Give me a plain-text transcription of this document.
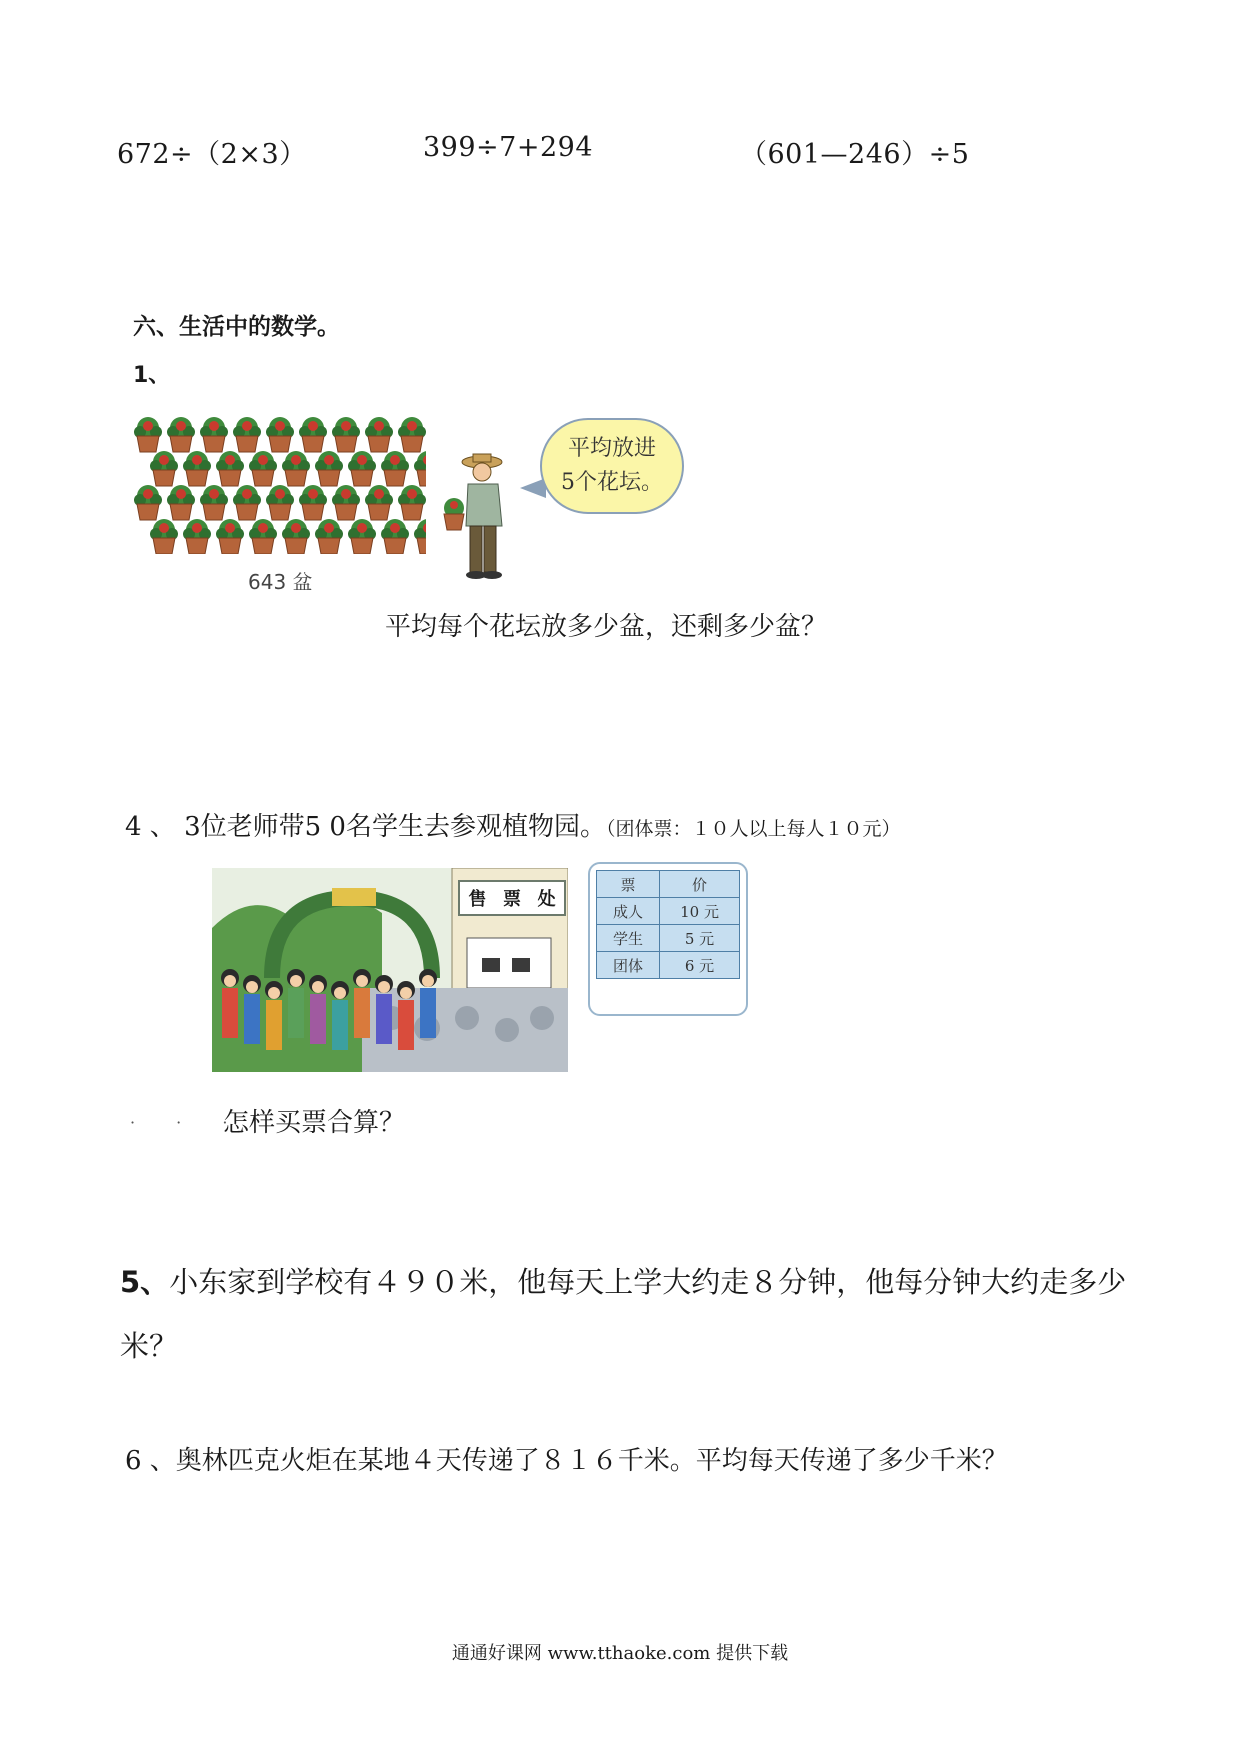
672÷（2×3）	399÷7+294	（601—246）÷5
六、生活中的数学。
1、
643 盆
平均放进
5个花坛。
平均每个花坛放多少盆，还剩多少盆？
4 、 3位老师带5 0名学生去参观植物园。（团体票：１０人以上每人１０元）
售 票 处
票	价
成人	10 元
学生	5 元
团体	6 元
· · ·
怎样买票合算？
5、小东家到学校有４９０米，他每天上学大约走８分钟，他每分钟大约走多少
米？
6 、奥林匹克火炬在某地４天传递了８１６千米。平均每天传递了多少千米？
通通好课网 www.tthaoke.com 提供下载
